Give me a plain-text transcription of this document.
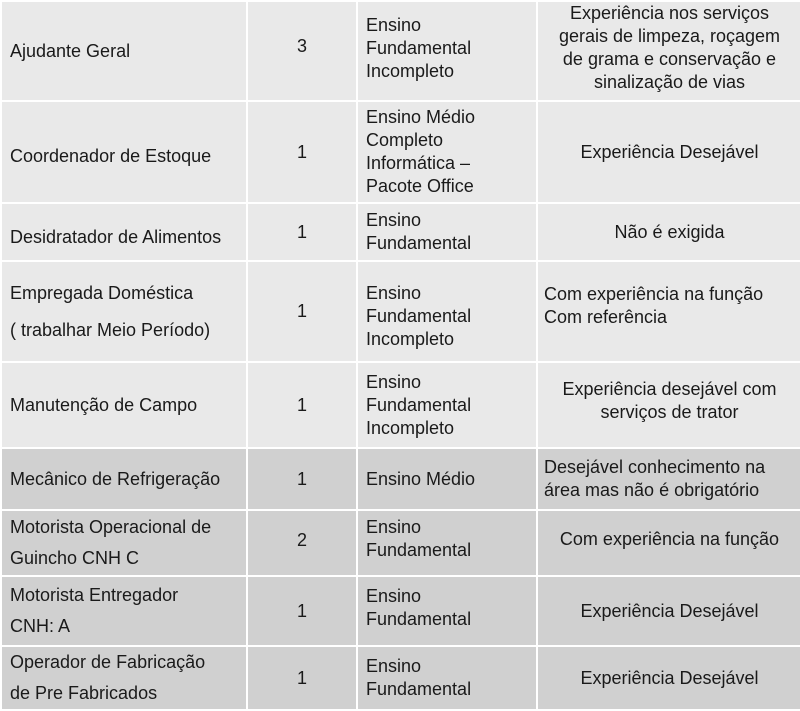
Ajudante Geral	3	Ensino
Fundamental
Incompleto	Experiência nos serviços
gerais de limpeza, roçagem
de grama e conservação e
sinalização de vias

Coordenador de Estoque	1	Ensino Médio
Completo
Informática –
Pacote Office	Experiência Desejável

Desidratador de Alimentos	1	Ensino
Fundamental	Não é exigida

Empregada Doméstica
( trabalhar Meio Período)	1	Ensino
Fundamental
Incompleto	Com experiência na função
Com referência

Manutenção de Campo	1	Ensino
Fundamental
Incompleto	Experiência desejável com
serviços de trator

Mecânico de Refrigeração	1	Ensino Médio	Desejável conhecimento na
área mas não é obrigatório

Motorista Operacional de
Guincho CNH C	2	Ensino
Fundamental	Com experiência na função

Motorista Entregador
CNH: A	1	Ensino
Fundamental	Experiência Desejável

Operador de Fabricação
de Pre Fabricados	1	Ensino
Fundamental	Experiência Desejável
